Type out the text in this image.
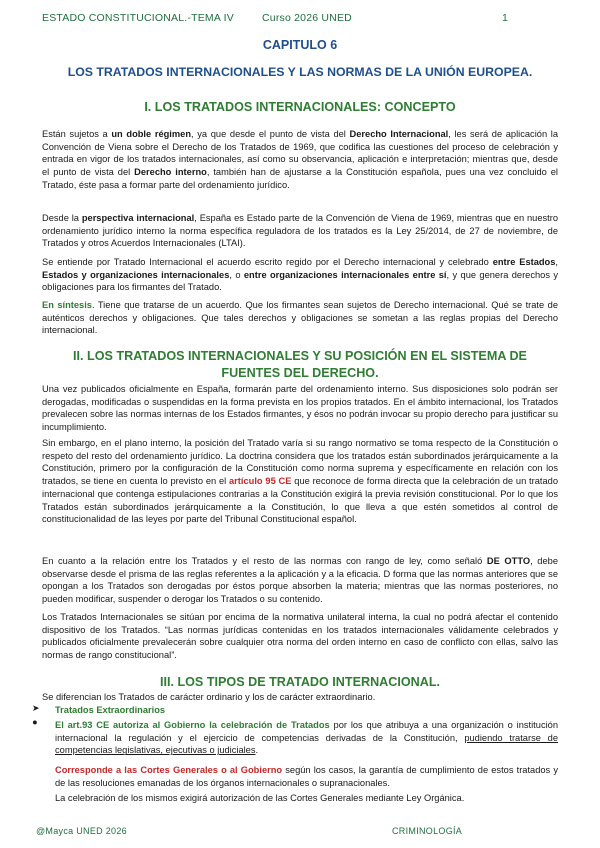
ESTADO CONSTITUCIONAL.-TEMA IV	Curso 2026 UNED	1
CAPITULO 6
LOS TRATADOS INTERNACIONALES Y LAS NORMAS DE LA UNIÓN EUROPEA.
I. LOS TRATADOS INTERNACIONALES: CONCEPTO

Están sujetos a un doble régimen, ya que desde el punto de vista del Derecho Internacional, les será de aplicación la Convención de Viena sobre el Derecho de los Tratados de 1969, que codifica las cuestiones del proceso de celebración y entrada en vigor de los tratados internacionales, así como su observancia, aplicación e interpretación; mientras que, desde el punto de vista del Derecho interno, también han de ajustarse a la Constitución española, pues una vez concluido el Tratado, éste pasa a formar parte del ordenamiento jurídico.

Desde la perspectiva internacional, España es Estado parte de la Convención de Viena de 1969, mientras que en nuestro ordenamiento jurídico interno la norma específica reguladora de los tratados es la Ley 25/2014, de 27 de noviembre, de Tratados y otros Acuerdos Internacionales (LTAI).

Se entiende por Tratado Internacional el acuerdo escrito regido por el Derecho internacional y celebrado entre Estados, Estados y organizaciones internacionales, o entre organizaciones internacionales entre sí, y que genera derechos y obligaciones para los firmantes del Tratado.

En síntesis. Tiene que tratarse de un acuerdo. Que los firmantes sean sujetos de Derecho internacional. Qué se trate de auténticos derechos y obligaciones. Que tales derechos y obligaciones se sometan a las reglas propias del Derecho internacional.

II. LOS TRATADOS INTERNACIONALES Y SU POSICIÓN EN EL SISTEMA DE
FUENTES DEL DERECHO.

Una vez publicados oficialmente en España, formarán parte del ordenamiento interno. Sus disposiciones solo podrán ser derogadas, modificadas o suspendidas en la forma prevista en los propios tratados. En el ámbito internacional, los Tratados prevalecen sobre las normas internas de los Estados firmantes, y ésos no podrán invocar su propio derecho para justificar su incumplimiento.

Sin embargo, en el plano interno, la posición del Tratado varía si su rango normativo se toma respecto de la Constitución o respeto del resto del ordenamiento jurídico. La doctrina considera que los tratados están subordinados jerárquicamente a la Constitución, primero por la configuración de la Constitución como norma suprema y específicamente en relación con los tratados, se tiene en cuenta lo previsto en el artículo 95 CE que reconoce de forma directa que la celebración de un tratado internacional que contenga estipulaciones contrarias a la Constitución exigirá la previa revisión constitucional. Por lo que los Tratados están subordinados jerárquicamente a la Constitución, lo que lleva a que estén sometidos al control de constitucionalidad de las leyes por parte del Tribunal Constitucional español.

En cuanto a la relación entre los Tratados y el resto de las normas con rango de ley, como señaló DE OTTO, debe observarse desde el prisma de las reglas referentes a la aplicación y a la eficacia. D forma que las normas anteriores que se opongan a los Tratados son derogadas por éstos porque absorben la materia; mientras que las normas posteriores, no pueden modificar, suspender o derogar los Tratados o su contenido.

Los Tratados Internacionales se sitúan por encima de la normativa unilateral interna, la cual no podrá afectar el contenido dispositivo de los Tratados. “Las normas jurídicas contenidas en los tratados internacionales válidamente celebrados y publicados oficialmente prevalecerán sobre cualquier otra norma del orden interno en caso de conflicto con ellas, salvo las normas de rango constitucional”.

III. LOS TIPOS DE TRATADO INTERNACIONAL.

Se diferencian los Tratados de carácter ordinario y los de carácter extraordinario.

➤ Tratados Extraordinarios

● El art.93 CE autoriza al Gobierno la celebración de Tratados por los que atribuya a una organización o institución internacional la regulación y el ejercicio de competencias derivadas de la Constitución, pudiendo tratarse de competencias legislativas, ejecutivas o judiciales.

Corresponde a las Cortes Generales o al Gobierno según los casos, la garantía de cumplimiento de estos tratados y de las resoluciones emanadas de los órganos internacionales o supranacionales.

La celebración de los mismos exigirá autorización de las Cortes Generales mediante Ley Orgánica.

@Mayca UNED 2026	CRIMINOLOGÍA
